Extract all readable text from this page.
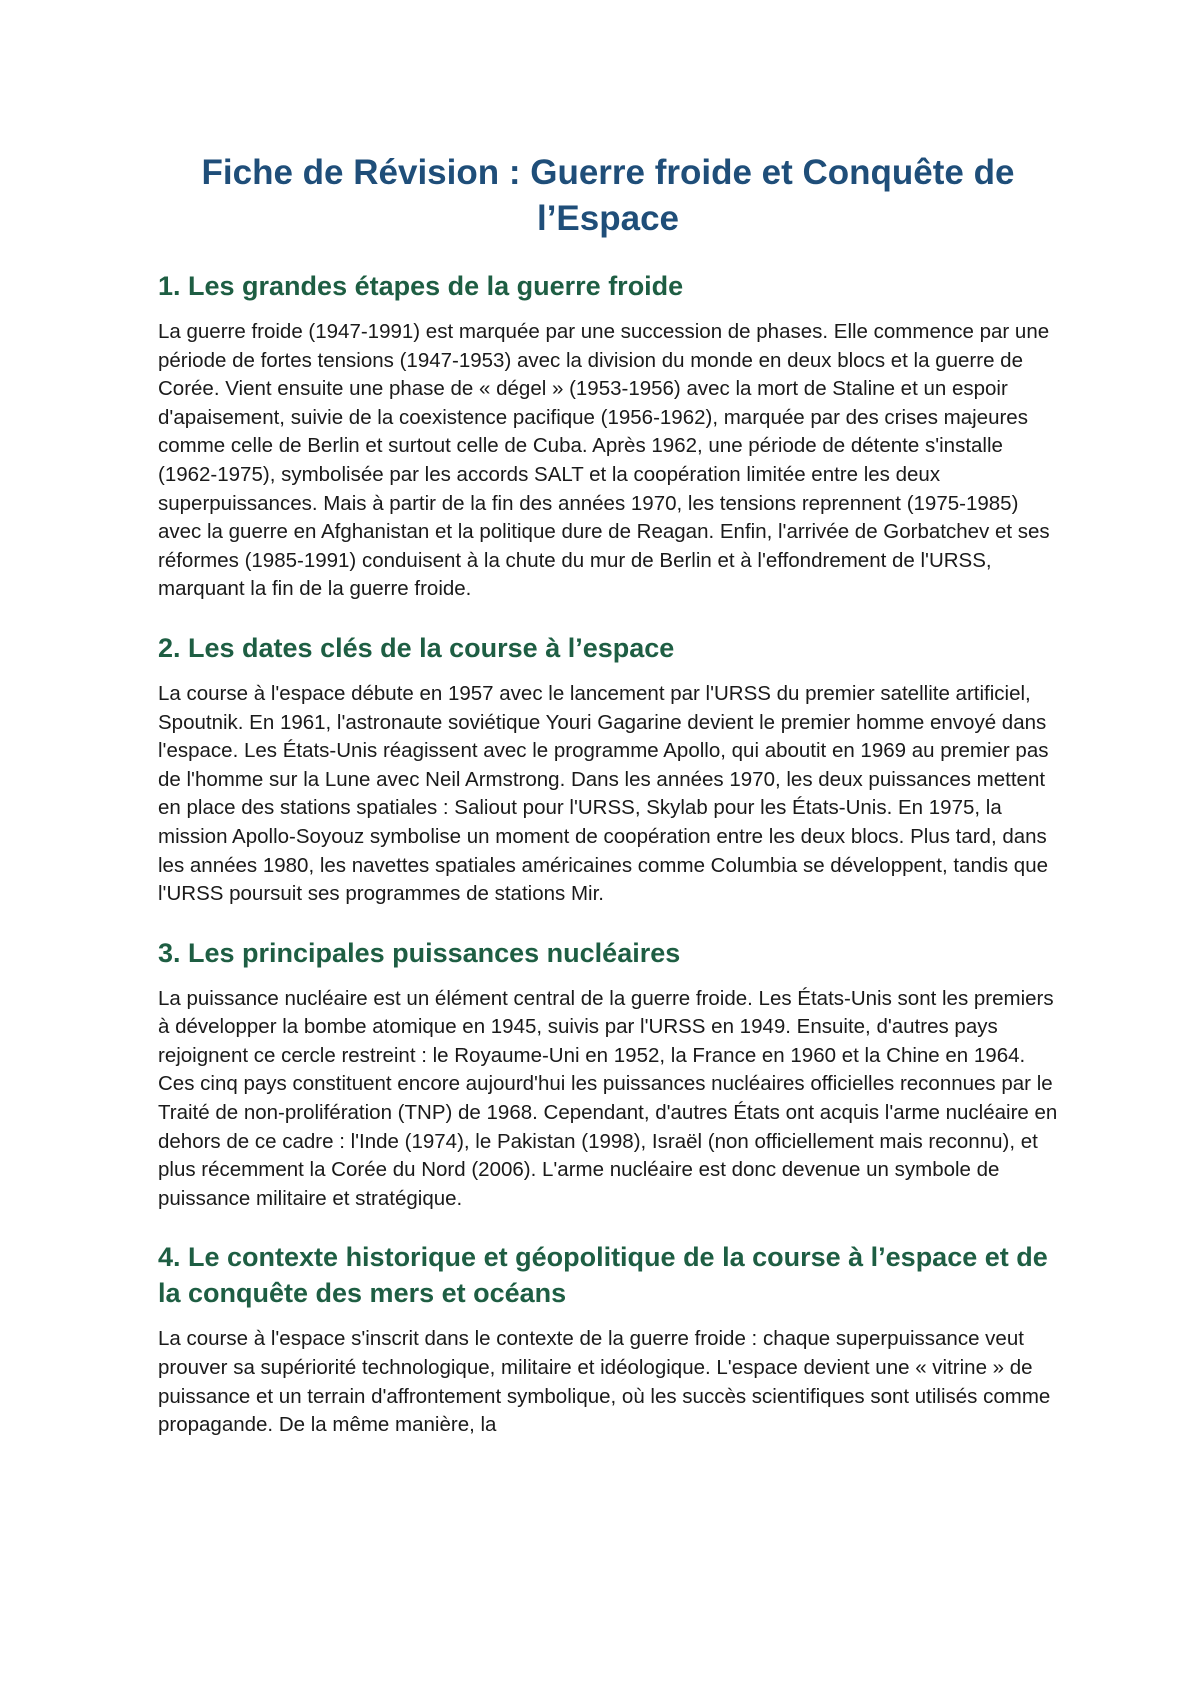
Fiche de Révision : Guerre froide et Conquête de l’Espace
1. Les grandes étapes de la guerre froide

La guerre froide (1947-1991) est marquée par une succession de phases. Elle commence par une période de fortes tensions (1947-1953) avec la division du monde en deux blocs et la guerre de Corée. Vient ensuite une phase de « dégel » (1953-1956) avec la mort de Staline et un espoir d'apaisement, suivie de la coexistence pacifique (1956-1962), marquée par des crises majeures comme celle de Berlin et surtout celle de Cuba. Après 1962, une période de détente s'installe (1962-1975), symbolisée par les accords SALT et la coopération limitée entre les deux superpuissances. Mais à partir de la fin des années 1970, les tensions reprennent (1975-1985) avec la guerre en Afghanistan et la politique dure de Reagan. Enfin, l'arrivée de Gorbatchev et ses réformes (1985-1991) conduisent à la chute du mur de Berlin et à l'effondrement de l'URSS, marquant la fin de la guerre froide.

2. Les dates clés de la course à l’espace

La course à l'espace débute en 1957 avec le lancement par l'URSS du premier satellite artificiel, Spoutnik. En 1961, l'astronaute soviétique Youri Gagarine devient le premier homme envoyé dans l'espace. Les États-Unis réagissent avec le programme Apollo, qui aboutit en 1969 au premier pas de l'homme sur la Lune avec Neil Armstrong. Dans les années 1970, les deux puissances mettent en place des stations spatiales : Saliout pour l'URSS, Skylab pour les États-Unis. En 1975, la mission Apollo-Soyouz symbolise un moment de coopération entre les deux blocs. Plus tard, dans les années 1980, les navettes spatiales américaines comme Columbia se développent, tandis que l'URSS poursuit ses programmes de stations Mir.

3. Les principales puissances nucléaires

La puissance nucléaire est un élément central de la guerre froide. Les États-Unis sont les premiers à développer la bombe atomique en 1945, suivis par l'URSS en 1949. Ensuite, d'autres pays rejoignent ce cercle restreint : le Royaume-Uni en 1952, la France en 1960 et la Chine en 1964. Ces cinq pays constituent encore aujourd'hui les puissances nucléaires officielles reconnues par le Traité de non-prolifération (TNP) de 1968. Cependant, d'autres États ont acquis l'arme nucléaire en dehors de ce cadre : l'Inde (1974), le Pakistan (1998), Israël (non officiellement mais reconnu), et plus récemment la Corée du Nord (2006). L'arme nucléaire est donc devenue un symbole de puissance militaire et stratégique.

4. Le contexte historique et géopolitique de la course à l’espace et de la conquête des mers et océans

La course à l'espace s'inscrit dans le contexte de la guerre froide : chaque superpuissance veut prouver sa supériorité technologique, militaire et idéologique. L'espace devient une « vitrine » de puissance et un terrain d'affrontement symbolique, où les succès scientifiques sont utilisés comme propagande. De la même manière, la
